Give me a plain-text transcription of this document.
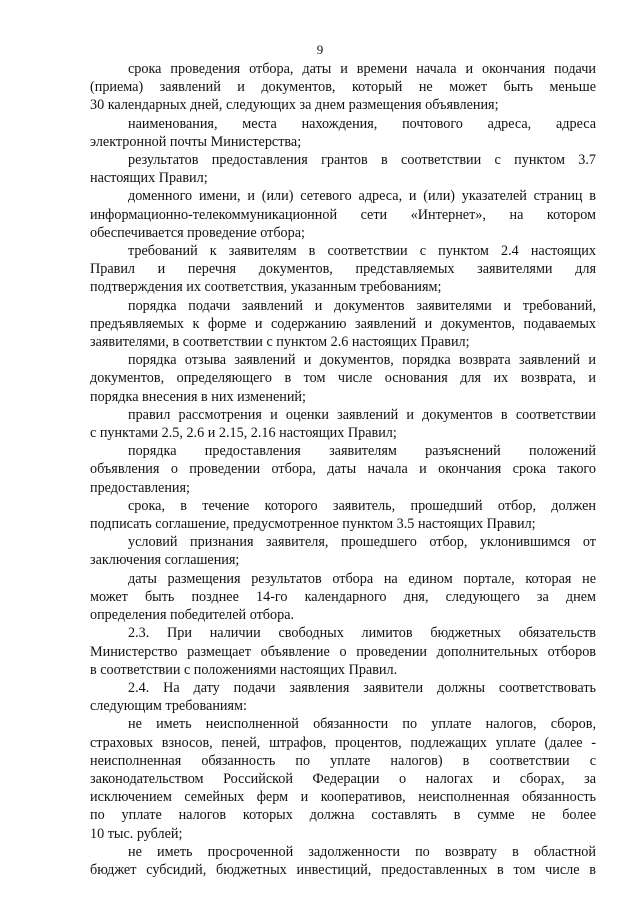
9
срока проведения отбора, даты и времени начала и окончания подачи
(приема) заявлений и документов, который не может быть меньше
30 календарных дней, следующих за днем размещения объявления;
наименования, места нахождения, почтового адреса, адреса
электронной почты Министерства;
результатов предоставления грантов в соответствии с пунктом 3.7
настоящих Правил;
доменного имени, и (или) сетевого адреса, и (или) указателей страниц в
информационно-телекоммуникационной сети «Интернет», на котором
обеспечивается проведение отбора;
требований к заявителям в соответствии с пунктом 2.4 настоящих
Правил и перечня документов, представляемых заявителями для
подтверждения их соответствия, указанным требованиям;
порядка подачи заявлений и документов заявителями и требований,
предъявляемых к форме и содержанию заявлений и документов, подаваемых
заявителями, в соответствии с пунктом 2.6 настоящих Правил;
порядка отзыва заявлений и документов, порядка возврата заявлений и
документов, определяющего в том числе основания для их возврата, и
порядка внесения в них изменений;
правил рассмотрения и оценки заявлений и документов в соответствии
с пунктами 2.5, 2.6 и 2.15, 2.16 настоящих Правил;
порядка предоставления заявителям разъяснений положений
объявления о проведении отбора, даты начала и окончания срока такого
предоставления;
срока, в течение которого заявитель, прошедший отбор, должен
подписать соглашение, предусмотренное пунктом 3.5 настоящих Правил;
условий признания заявителя, прошедшего отбор, уклонившимся от
заключения соглашения;
даты размещения результатов отбора на едином портале, которая не
может быть позднее 14-го календарного дня, следующего за днем
определения победителей отбора.
2.3. При наличии свободных лимитов бюджетных обязательств
Министерство размещает объявление о проведении дополнительных отборов
в соответствии с положениями настоящих Правил.
2.4. На дату подачи заявления заявители должны соответствовать
следующим требованиям:
не иметь неисполненной обязанности по уплате налогов, сборов,
страховых взносов, пеней, штрафов, процентов, подлежащих уплате (далее -
неисполненная обязанность по уплате налогов) в соответствии с
законодательством Российской Федерации о налогах и сборах, за
исключением семейных ферм и кооперативов, неисполненная обязанность
по уплате налогов которых должна составлять в сумме не более
10 тыс. рублей;
не иметь просроченной задолженности по возврату в областной
бюджет субсидий, бюджетных инвестиций, предоставленных в том числе в
